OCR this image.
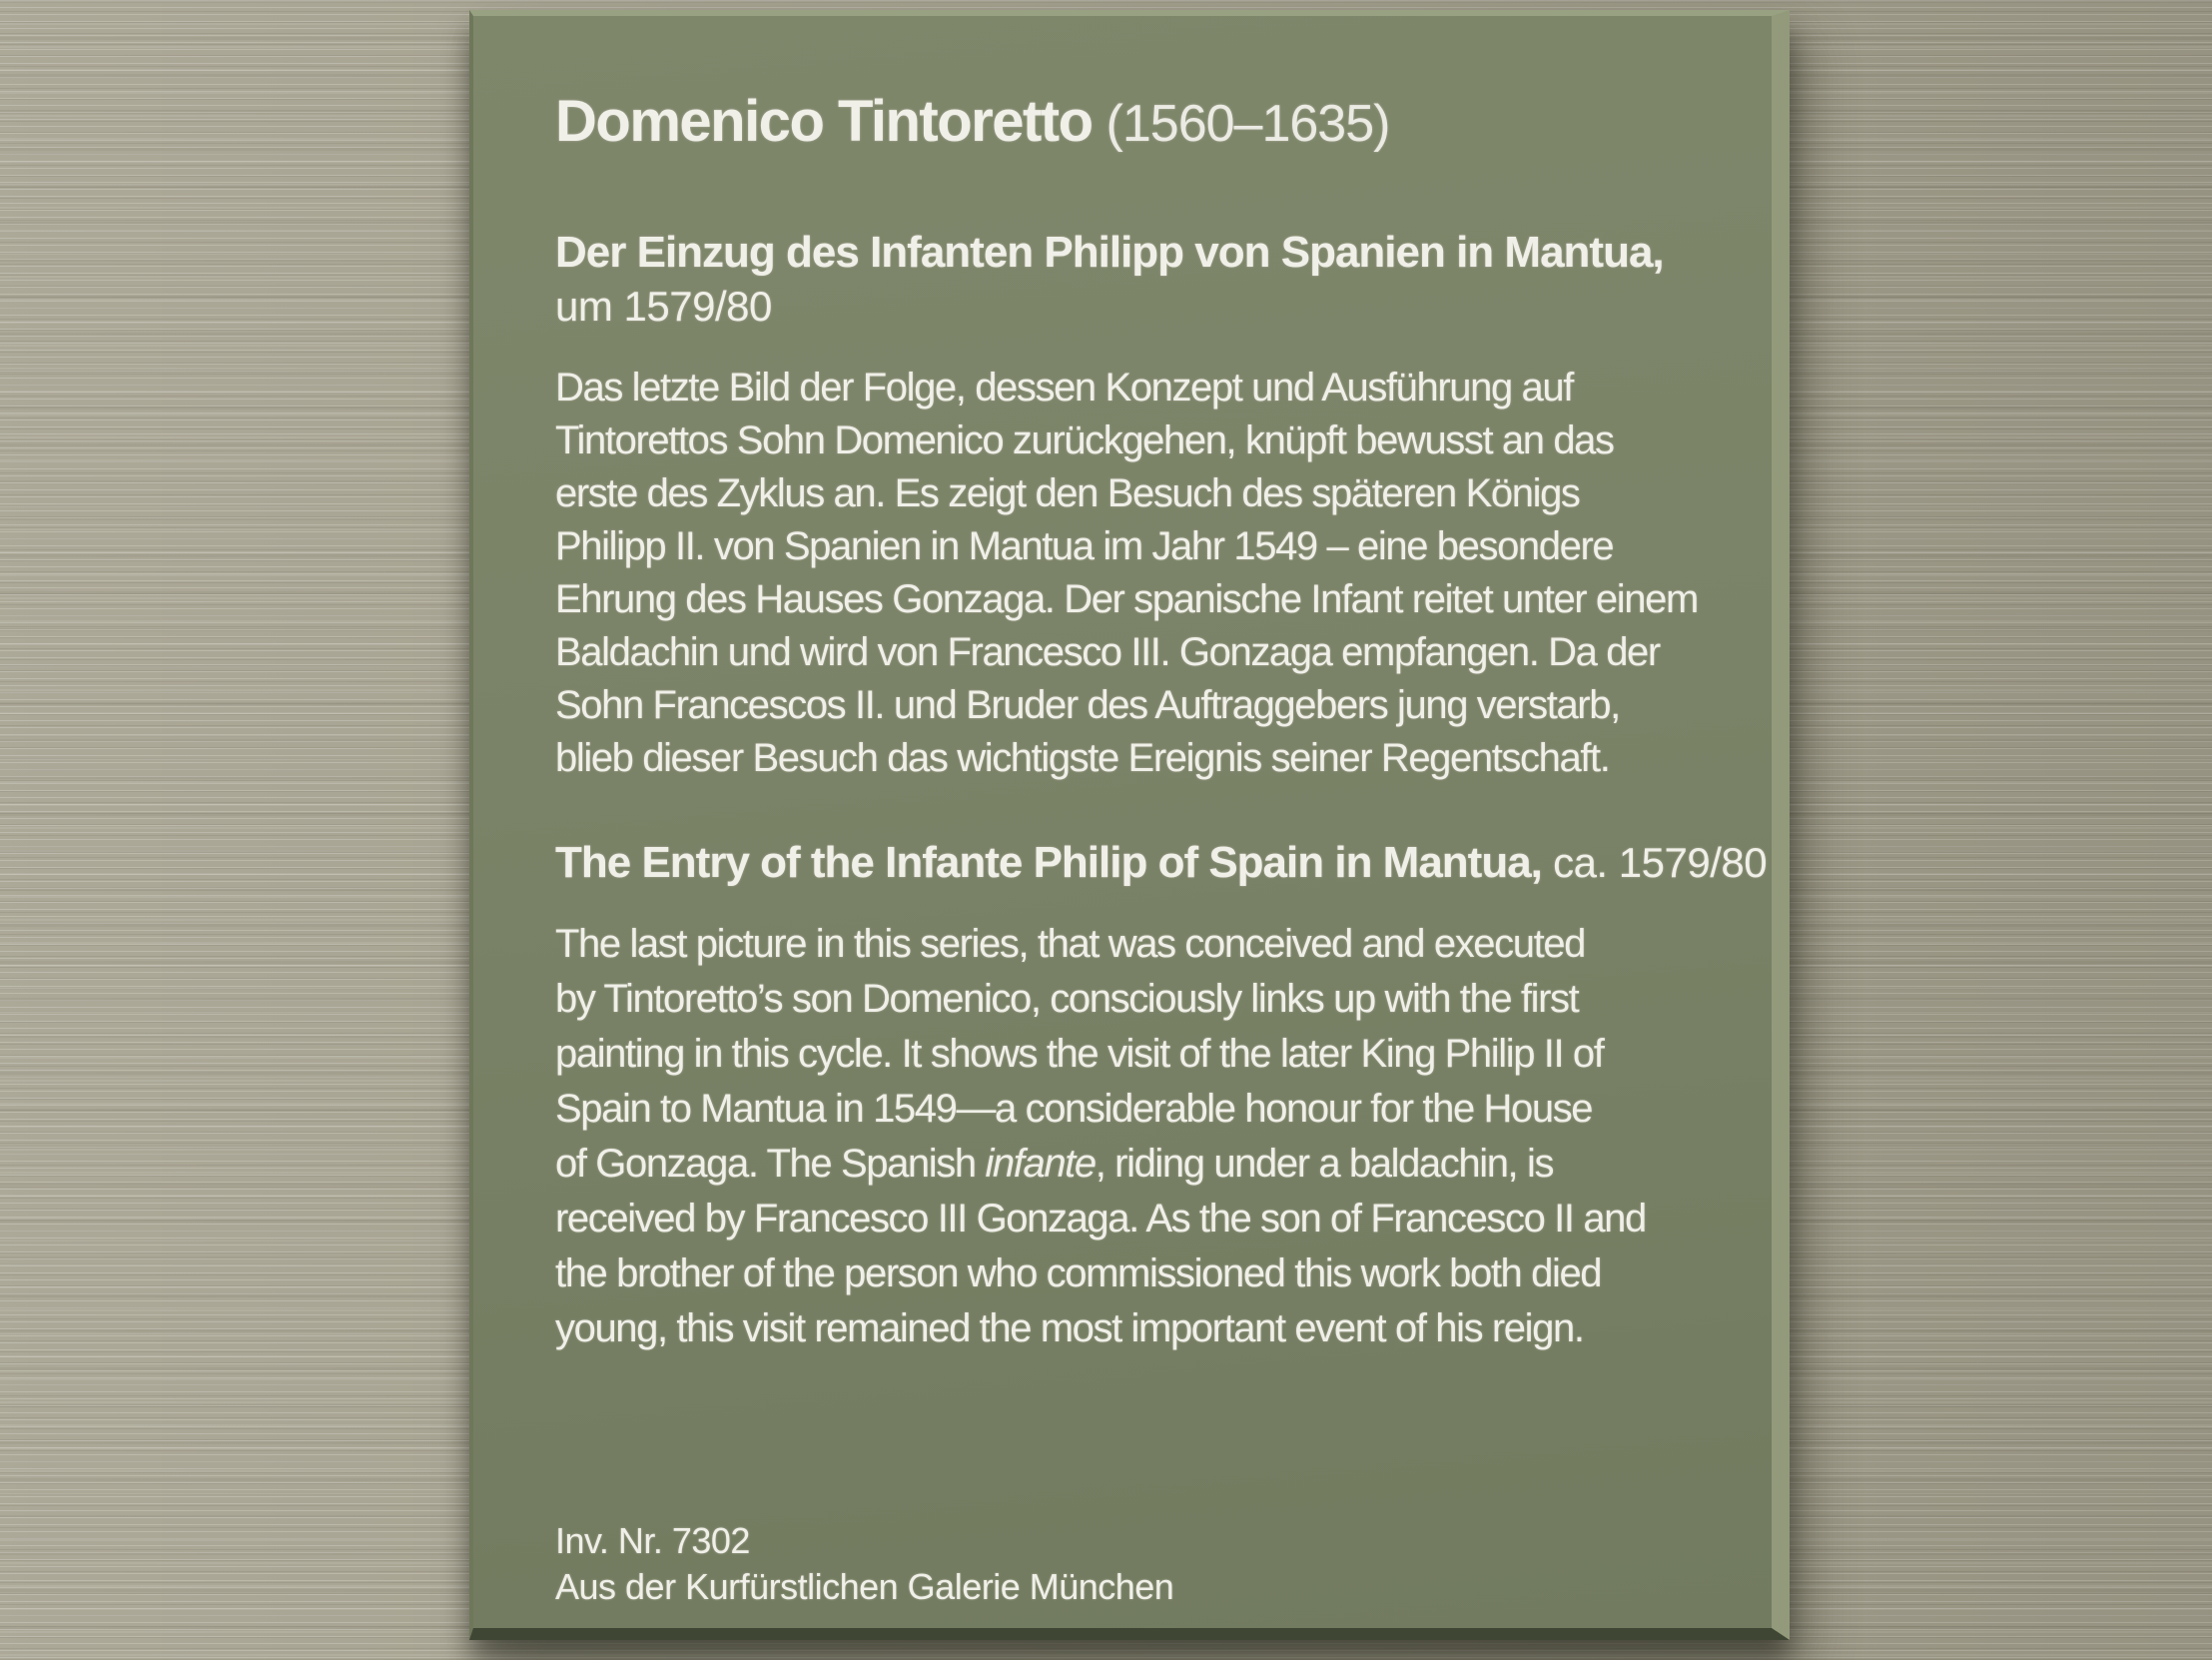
Domenico Tintoretto (1560–1635)
Der Einzug des Infanten Philipp von Spanien in Mantua,
um 1579/80
Das letzte Bild der Folge, dessen Konzept und Ausführung auf
Tintorettos Sohn Domenico zurückgehen, knüpft bewusst an das
erste des Zyklus an. Es zeigt den Besuch des späteren Königs
Philipp II. von Spanien in Mantua im Jahr 1549 – eine besondere
Ehrung des Hauses Gonzaga. Der spanische Infant reitet unter einem
Baldachin und wird von Francesco III. Gonzaga empfangen. Da der
Sohn Francescos II. und Bruder des Auftraggebers jung verstarb,
blieb dieser Besuch das wichtigste Ereignis seiner Regentschaft.
The Entry of the Infante Philip of Spain in Mantua, ca. 1579/80
The last picture in this series, that was conceived and executed
by Tintoretto’s son Domenico, consciously links up with the first
painting in this cycle. It shows the visit of the later King Philip II of
Spain to Mantua in 1549—a considerable honour for the House
of Gonzaga. The Spanish infante, riding under a baldachin, is
received by Francesco III Gonzaga. As the son of Francesco II and
the brother of the person who commissioned this work both died
young, this visit remained the most important event of his reign.
Inv. Nr. 7302
Aus der Kurfürstlichen Galerie München
